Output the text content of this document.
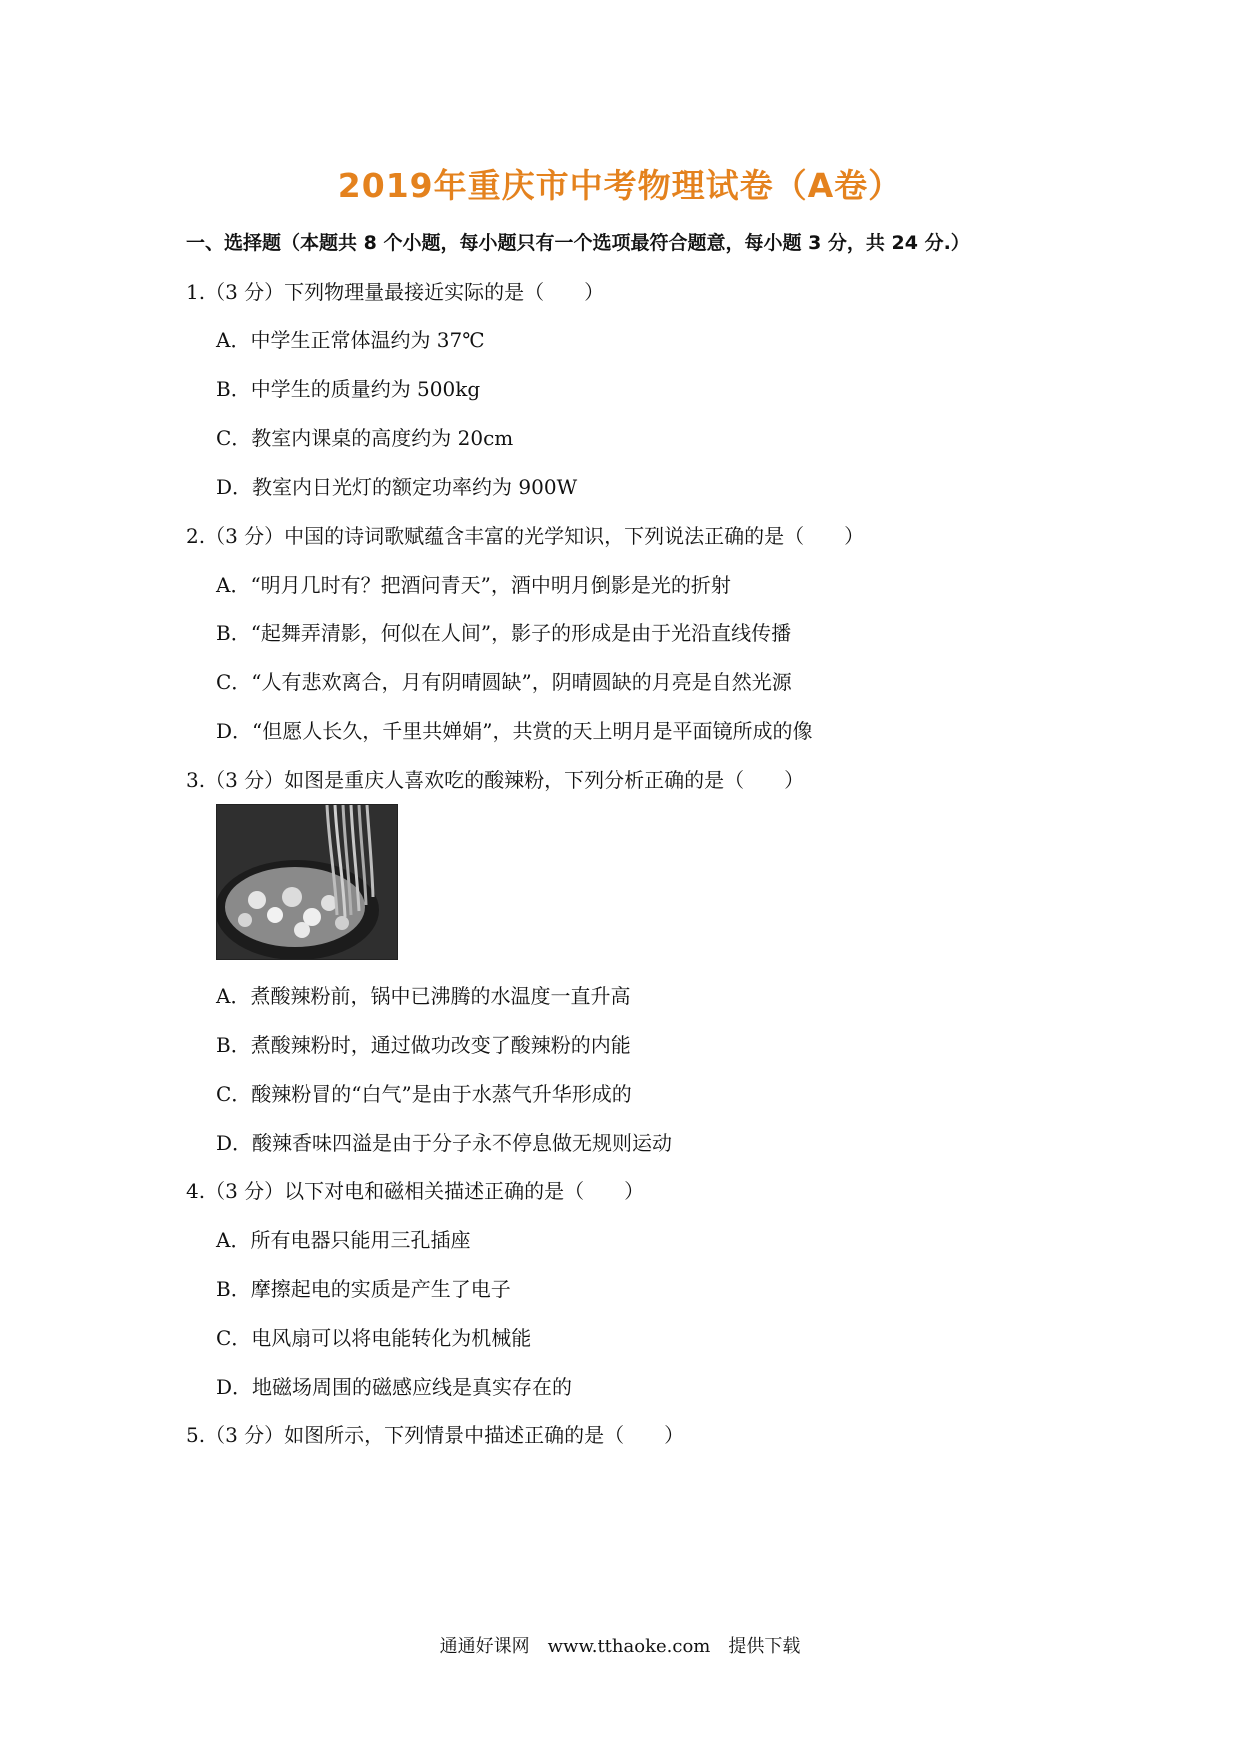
2019年重庆市中考物理试卷（A卷）
一、选择题（本题共 8 个小题，每小题只有一个选项最符合题意，每小题 3 分，共 24 分.）
1.（3 分）下列物理量最接近实际的是（　　）
A．中学生正常体温约为 37℃
B．中学生的质量约为 500kg
C．教室内课桌的高度约为 20cm
D．教室内日光灯的额定功率约为 900W
2.（3 分）中国的诗词歌赋蕴含丰富的光学知识，下列说法正确的是（　　）
A．“明月几时有？把酒问青天”，酒中明月倒影是光的折射
B．“起舞弄清影，何似在人间”，影子的形成是由于光沿直线传播
C．“人有悲欢离合，月有阴晴圆缺”，阴晴圆缺的月亮是自然光源
D．“但愿人长久，千里共婵娟”，共赏的天上明月是平面镜所成的像
3.（3 分）如图是重庆人喜欢吃的酸辣粉，下列分析正确的是（　　）
A．煮酸辣粉前，锅中已沸腾的水温度一直升高
B．煮酸辣粉时，通过做功改变了酸辣粉的内能
C．酸辣粉冒的“白气”是由于水蒸气升华形成的
D．酸辣香味四溢是由于分子永不停息做无规则运动
4.（3 分）以下对电和磁相关描述正确的是（　　）
A．所有电器只能用三孔插座
B．摩擦起电的实质是产生了电子
C．电风扇可以将电能转化为机械能
D．地磁场周围的磁感应线是真实存在的
5.（3 分）如图所示，下列情景中描述正确的是（　　）
通通好课网　www.tthaoke.com　提供下载
